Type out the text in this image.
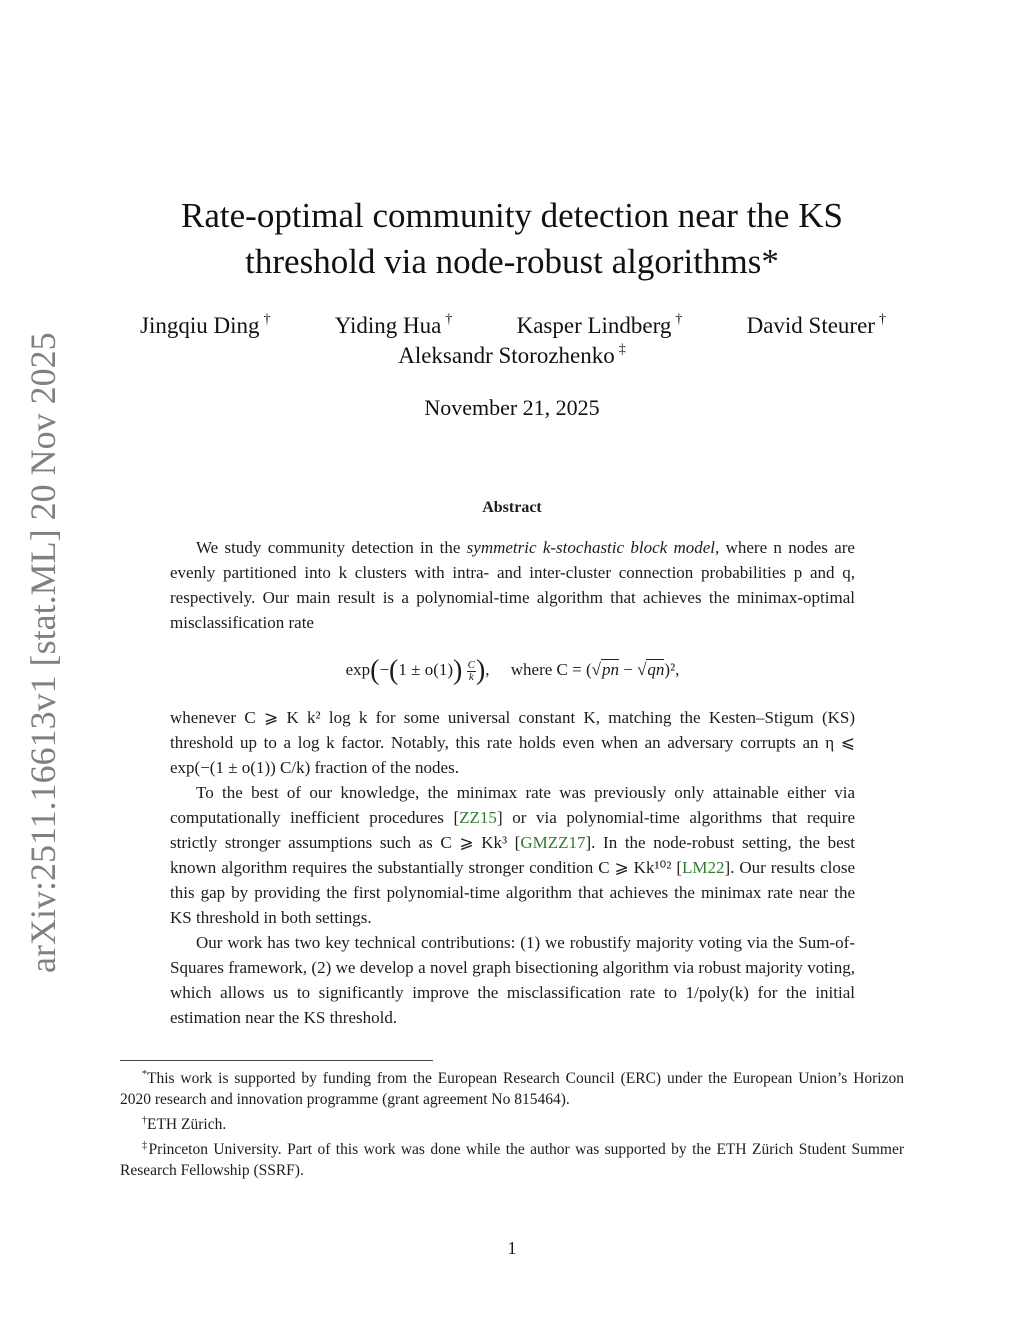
arXiv:2511.16613v1 [stat.ML] 20 Nov 2025
Rate-optimal community detection near the KS
threshold via node-robust algorithms*
Jingqiu Ding †	Yiding Hua †	Kasper Lindberg †	David Steurer †
Aleksandr Storozhenko ‡
November 21, 2025
Abstract

We study community detection in the symmetric k-stochastic block model, where n nodes are evenly partitioned into k clusters with intra- and inter-cluster connection probabilities p and q, respectively. Our main result is a polynomial-time algorithm that achieves the minimax-optimal misclassification rate

$\exp(-(1 \pm o(1)) \frac{C}{k}$ ),     where C = (√pn − √qn)²,

whenever C ⩾ K k² log k for some universal constant K, matching the Kesten–Stigum (KS) threshold up to a log k factor. Notably, this rate holds even when an adversary corrupts an η ⩽ exp(−(1 ± o(1)) C/k) fraction of the nodes.

To the best of our knowledge, the minimax rate was previously only attainable either via computationally inefficient procedures [ZZ15] or via polynomial-time algorithms that require strictly stronger assumptions such as C ⩾ Kk³ [GMZZ17]. In the node-robust setting, the best known algorithm requires the substantially stronger condition C ⩾ Kk¹⁰² [LM22]. Our results close this gap by providing the first polynomial-time algorithm that achieves the minimax rate near the KS threshold in both settings.

Our work has two key technical contributions: (1) we robustify majority voting via the Sum-of-Squares framework, (2) we develop a novel graph bisectioning algorithm via robust majority voting, which allows us to significantly improve the misclassification rate to 1/poly(k) for the initial estimation near the KS threshold.

*This work is supported by funding from the European Research Council (ERC) under the European Union’s Horizon 2020 research and innovation programme (grant agreement No 815464).

†ETH Zürich.

‡Princeton University. Part of this work was done while the author was supported by the ETH Zürich Student Summer Research Fellowship (SSRF).

1
